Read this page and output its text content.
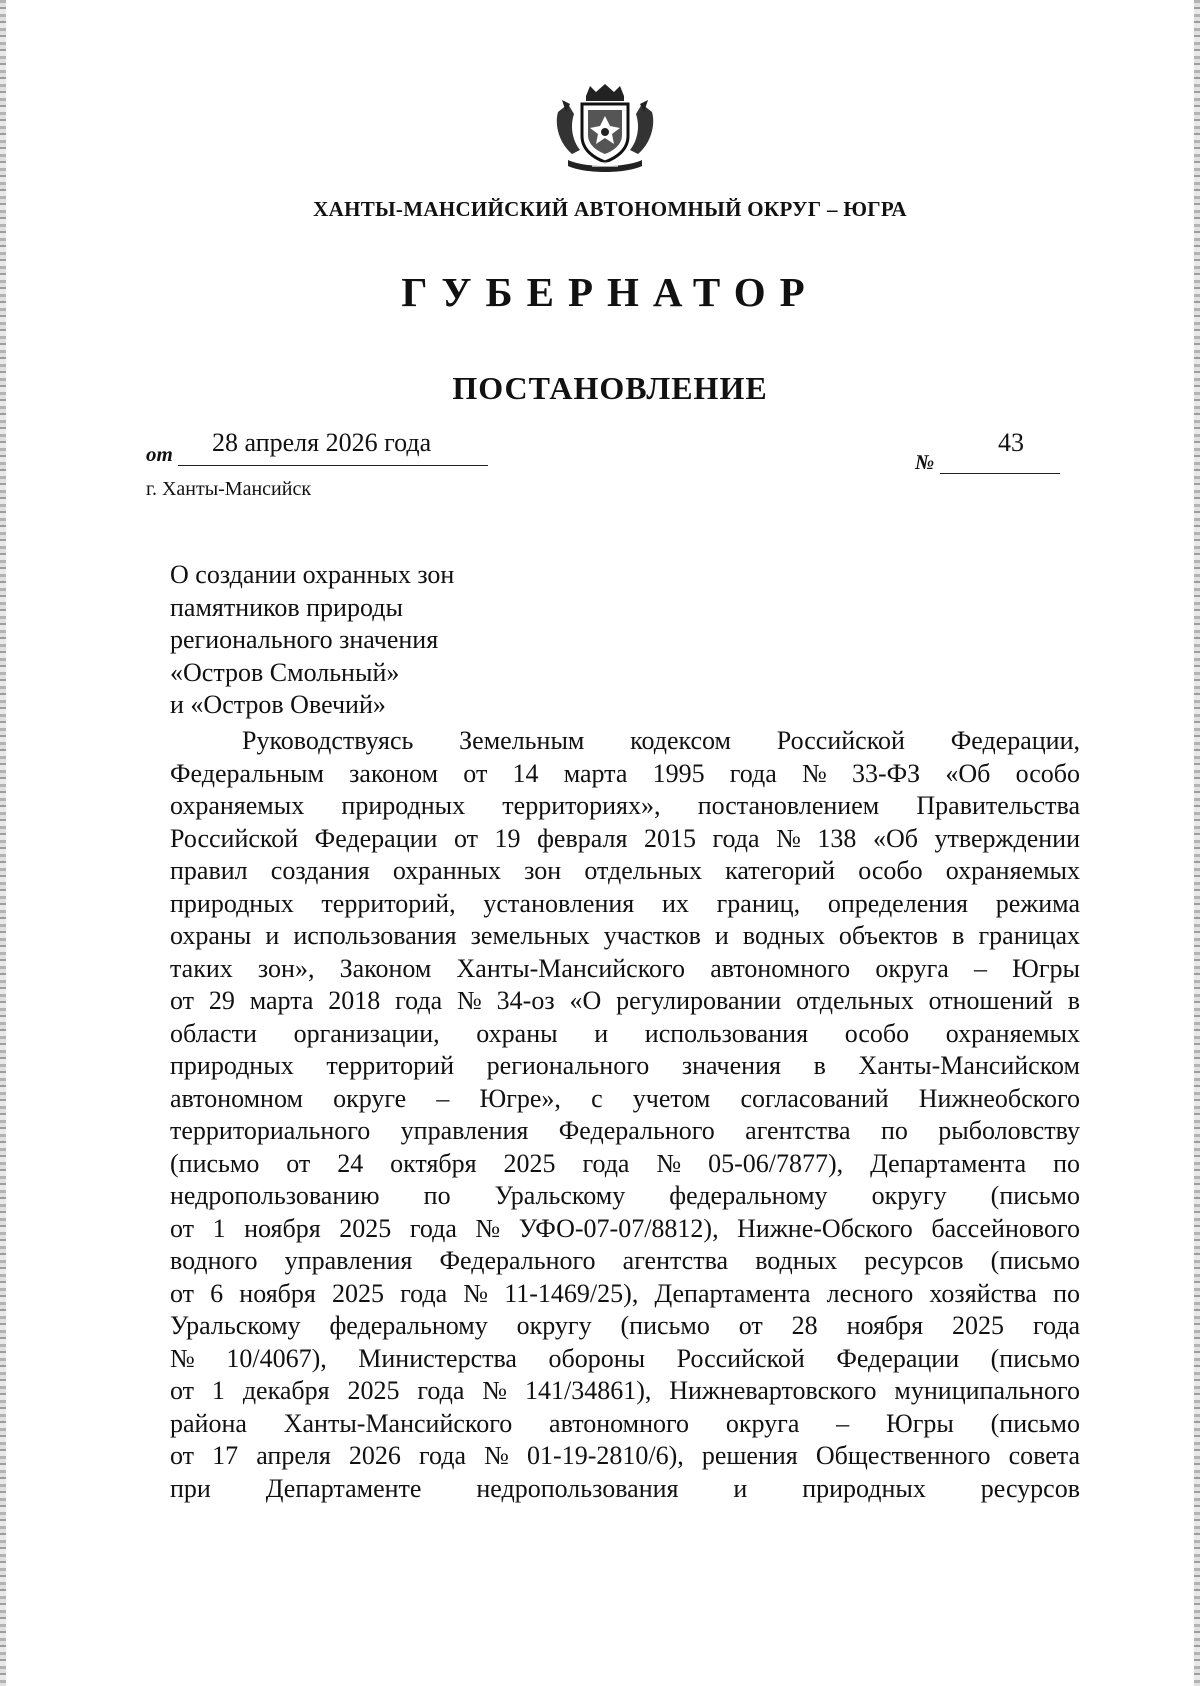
ХАНТЫ-МАНСИЙСКИЙ АВТОНОМНЫЙ ОКРУГ – ЮГРА
ГУБЕРНАТОР
ПОСТАНОВЛЕНИЕ
от 28 апреля 2026 года
№
43
г. Ханты-Мансийск
О создании охранных зон
памятников природы
регионального значения
«Остров Смольный»
и «Остров Овечий»
Руководствуясь Земельным кодексом Российской Федерации,
Федеральным законом от 14 марта 1995 года № 33-ФЗ «Об особо
охраняемых природных территориях», постановлением Правительства
Российской Федерации от 19 февраля 2015 года № 138 «Об утверждении
правил создания охранных зон отдельных категорий особо охраняемых
природных территорий, установления их границ, определения режима
охраны и использования земельных участков и водных объектов в границах
таких зон», Законом Ханты-Мансийского автономного округа – Югры
от 29 марта 2018 года № 34-оз «О регулировании отдельных отношений в
области организации, охраны и использования особо охраняемых
природных территорий регионального значения в Ханты-Мансийском
автономном округе – Югре», с учетом согласований Нижнеобского
территориального управления Федерального агентства по рыболовству
(письмо от 24 октября 2025 года № 05-06/7877), Департамента по
недропользованию по Уральскому федеральному округу (письмо
от 1 ноября 2025 года № УФО-07-07/8812), Нижне-Обского бассейнового
водного управления Федерального агентства водных ресурсов (письмо
от 6 ноября 2025 года № 11-1469/25), Департамента лесного хозяйства по
Уральскому федеральному округу (письмо от 28 ноября 2025 года
№ 10/4067), Министерства обороны Российской Федерации (письмо
от 1 декабря 2025 года № 141/34861), Нижневартовского муниципального
района Ханты-Мансийского автономного округа – Югры (письмо
от 17 апреля 2026 года № 01-19-2810/6), решения Общественного совета
при Департаменте недропользования и природных ресурсов
